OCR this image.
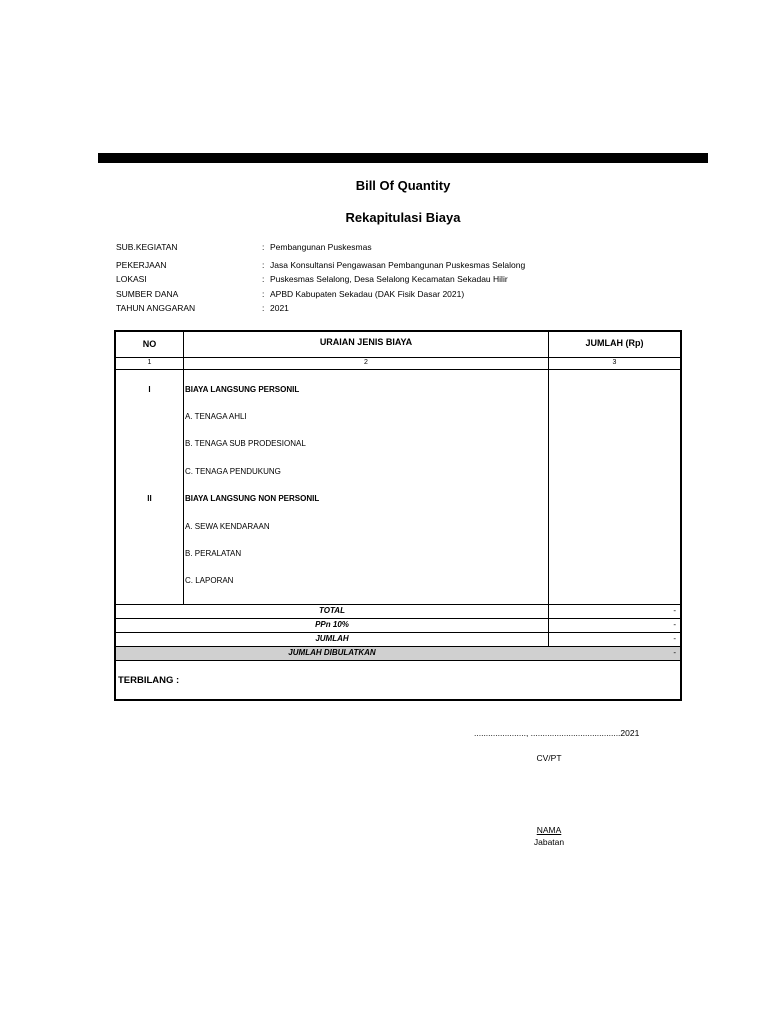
Bill Of Quantity
Rekapitulasi Biaya
SUB.KEGIATAN	: Pembangunan Puskesmas
PEKERJAAN	: Jasa Konsultansi Pengawasan Pembangunan Puskesmas Selalong
LOKASI	: Puskesmas Selalong, Desa Selalong Kecamatan Sekadau Hilir
SUMBER DANA	: APBD Kabupaten Sekadau (DAK Fisik Dasar 2021)
TAHUN ANGGARAN	: 2021
NO	URAIAN JENIS BIAYA	JUMLAH (Rp)
1	2	3
I	BIAYA LANGSUNG PERSONIL
A. TENAGA AHLI
B. TENAGA SUB PRODESIONAL
C. TENAGA PENDUKUNG
II	BIAYA LANGSUNG NON PERSONIL
A. SEWA KENDARAAN
B. PERALATAN
C. LAPORAN
TOTAL	-
PPn 10%	-
JUMLAH	-
JUMLAH DIBULATKAN	-
TERBILANG :
......................, ......................................2021
CV/PT
NAMA
Jabatan
